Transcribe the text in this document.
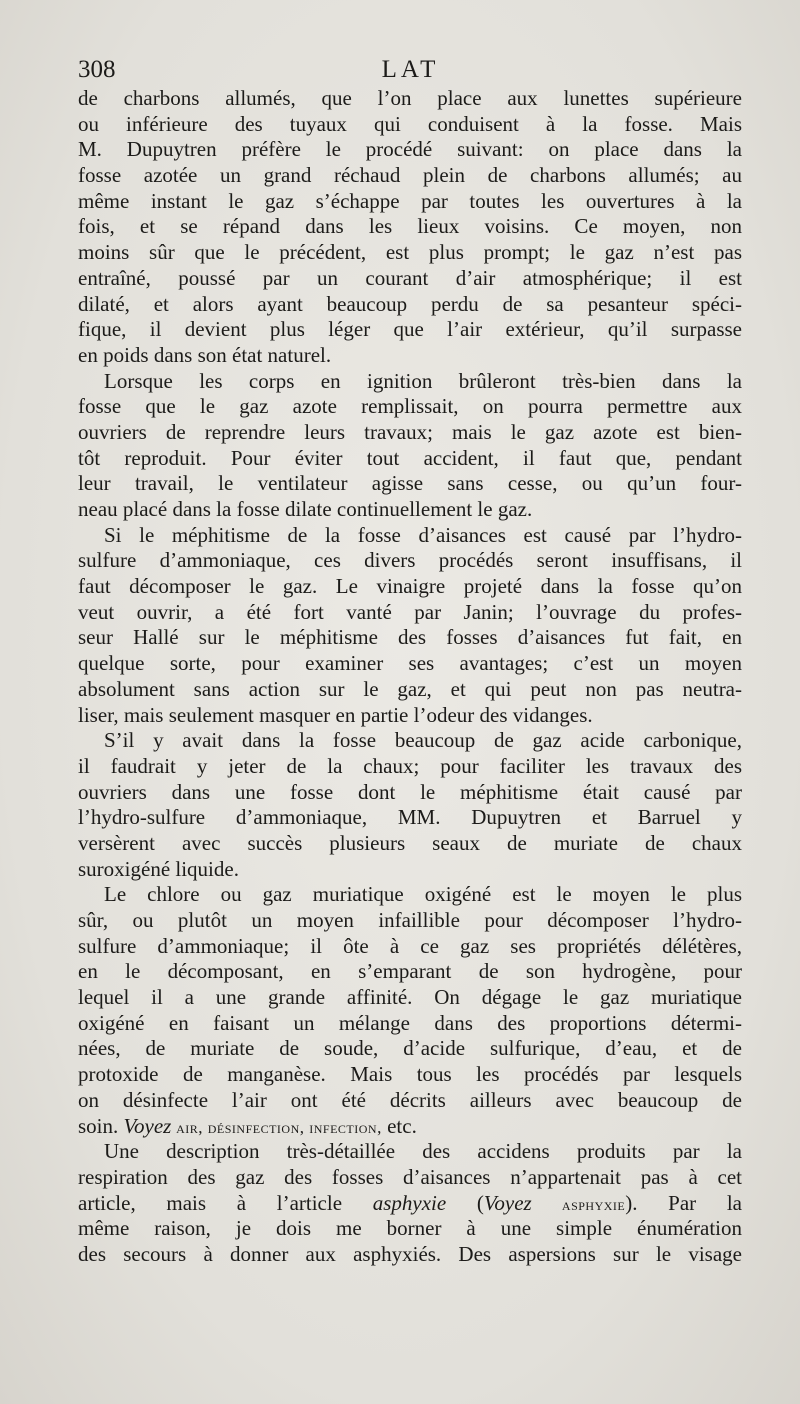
308	LAT
de charbons allumés, que l’on place aux lunettes supérieure
ou inférieure des tuyaux qui conduisent à la fosse. Mais
M. Dupuytren préfère le procédé suivant: on place dans la
fosse azotée un grand réchaud plein de charbons allumés; au
même instant le gaz s’échappe par toutes les ouvertures à la
fois, et se répand dans les lieux voisins. Ce moyen, non
moins sûr que le précédent, est plus prompt; le gaz n’est pas
entraîné, poussé par un courant d’air atmosphérique; il est
dilaté, et alors ayant beaucoup perdu de sa pesanteur spéci-
fique, il devient plus léger que l’air extérieur, qu’il surpasse
en poids dans son état naturel.
Lorsque les corps en ignition brûleront très-bien dans la
fosse que le gaz azote remplissait, on pourra permettre aux
ouvriers de reprendre leurs travaux; mais le gaz azote est bien-
tôt reproduit. Pour éviter tout accident, il faut que, pendant
leur travail, le ventilateur agisse sans cesse, ou qu’un four-
neau placé dans la fosse dilate continuellement le gaz.
Si le méphitisme de la fosse d’aisances est causé par l’hydro-
sulfure d’ammoniaque, ces divers procédés seront insuffisans, il
faut décomposer le gaz. Le vinaigre projeté dans la fosse qu’on
veut ouvrir, a été fort vanté par Janin; l’ouvrage du profes-
seur Hallé sur le méphitisme des fosses d’aisances fut fait, en
quelque sorte, pour examiner ses avantages; c’est un moyen
absolument sans action sur le gaz, et qui peut non pas neutra-
liser, mais seulement masquer en partie l’odeur des vidanges.
S’il y avait dans la fosse beaucoup de gaz acide carbonique,
il faudrait y jeter de la chaux; pour faciliter les travaux des
ouvriers dans une fosse dont le méphitisme était causé par
l’hydro-sulfure d’ammoniaque, MM. Dupuytren et Barruel y
versèrent avec succès plusieurs seaux de muriate de chaux
suroxigéné liquide.
Le chlore ou gaz muriatique oxigéné est le moyen le plus
sûr, ou plutôt un moyen infaillible pour décomposer l’hydro-
sulfure d’ammoniaque; il ôte à ce gaz ses propriétés délétères,
en le décomposant, en s’emparant de son hydrogène, pour
lequel il a une grande affinité. On dégage le gaz muriatique
oxigéné en faisant un mélange dans des proportions détermi-
nées, de muriate de soude, d’acide sulfurique, d’eau, et de
protoxide de manganèse. Mais tous les procédés par lesquels
on désinfecte l’air ont été décrits ailleurs avec beaucoup de
soin. Voyez air, désinfection, infection, etc.
Une description très-détaillée des accidens produits par la
respiration des gaz des fosses d’aisances n’appartenait pas à cet
article, mais à l’article asphyxie (Voyez asphyxie). Par la
même raison, je dois me borner à une simple énumération
des secours à donner aux asphyxiés. Des aspersions sur le visage
